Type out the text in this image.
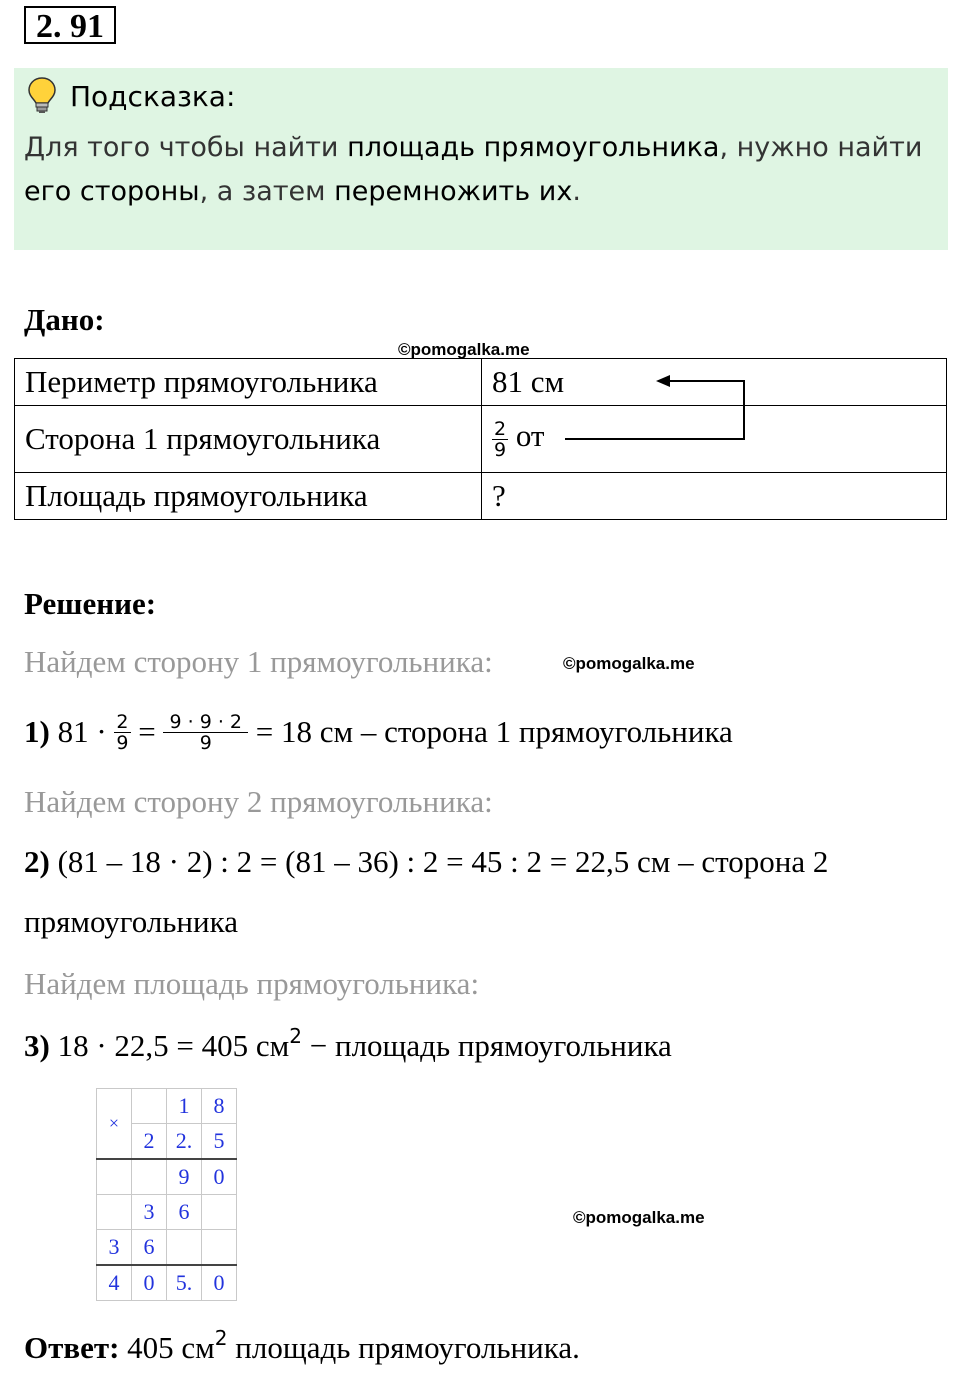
2. 91
Подсказка:
Для того чтобы найти площадь прямоугольника, нужно найти его стороны, а затем перемножить их.
Дано:
©pomogalka.me
Периметр прямоугольника	81 см
Сторона 1 прямоугольника	$\frac{2}{9}$ от
Площадь прямоугольника	?
Решение:
Найдем сторону 1 прямоугольника:	©pomogalka.me
1)
81 ·
$\frac{2}{9}$
=
$\frac{9 \cdot 9 \cdot 2}{9}$
= 18 см – сторона 1 прямоугольника
Найдем сторону 2 прямоугольника:
2) (81 – 18 · 2) : 2 = (81 – 36) : 2 = 45 : 2 = 22,5 см – сторона 2
прямоугольника
Найдем площадь прямоугольника:
3) 18 · 22,5 = 405 $см^2$ − площадь прямоугольника
×		1	8
	2	2.	5
		9	0
	3	6	
3	6		
4	0	5.	0
©pomogalka.me
Ответ: 405 $см^2$ площадь прямоугольника.
